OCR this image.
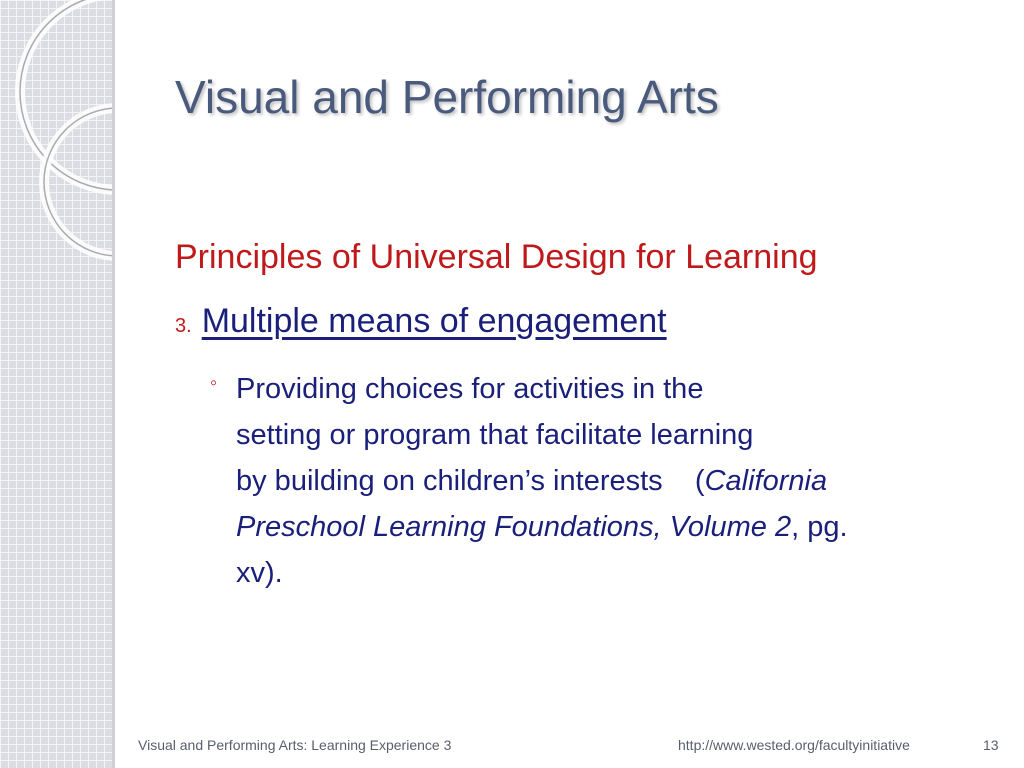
Visual and Performing Arts
Principles of Universal Design for Learning
3. Multiple means of engagement
◦ Providing choices for activities in the
setting or program that facilitate learning
by building on children’s interests (California
Preschool Learning Foundations, Volume 2, pg.
xv).
Visual and Performing Arts: Learning Experience 3	http://www.wested.org/facultyinitiative	13
